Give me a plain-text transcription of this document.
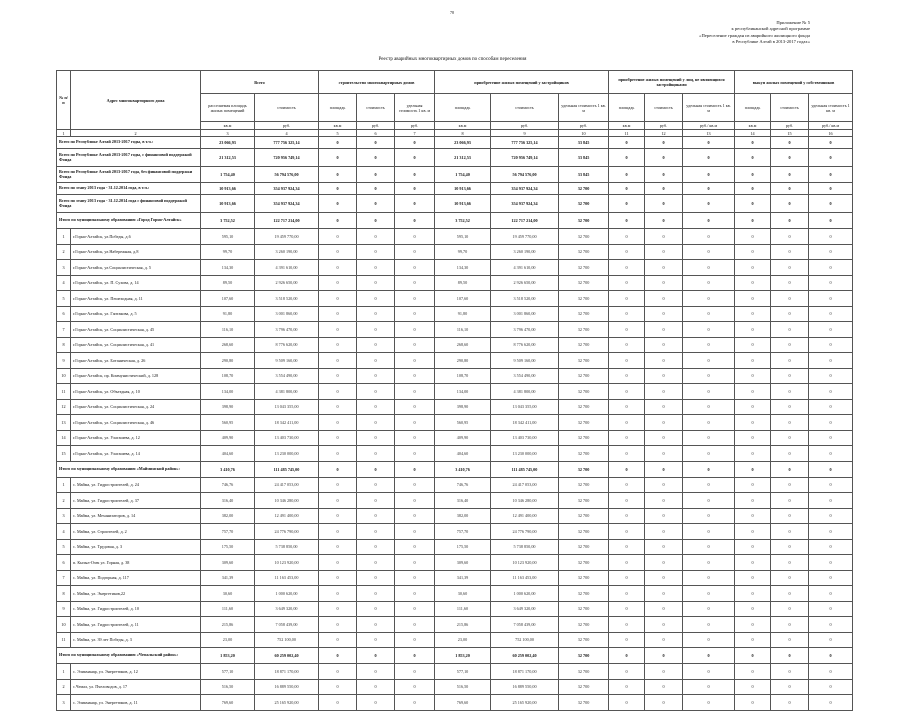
78
Приложение № 5
к республиканской адресной программе
«Переселение граждан из аварийного жилищного фонда
в Республике Алтай в 2013-2017 годах»
Реестр аварийных многоквартирных домов по способам переселения
№ п/п	Адрес многоквартирного дома	Всего		строительство многоквартирных домов			приобретение жилых помещений у застройщиков			приобретение жилых помещений у лиц, не являющихся застройщиками			выкуп жилых помещений у собственников		
		расселяемая площадь жилых помещений	стоимость	площадь	стоимость	удельная стоимость 1 кв. м	площадь	стоимость	удельная стоимость 1 кв. м	площадь	стоимость	удельная стоимость 1 кв. м	площадь	стоимость	удельная стоимость 1 кв. м
		кв.м	руб.	кв.м	руб.	руб.	кв.м	руб.	руб.	кв.м	руб.	руб./ кв.м	кв.м	руб.	руб./ кв.м
1	2	3	4	5	6	7	8	9	10	11	12	13	14	15	16
Всего по Республике Алтай 2013-2017 годы, в т.ч.:		23 066,93	777 756 325,14	0	0	0	23 066,93	777 756 325,14	33 845	0	0	0	0	0	0
Всего по Республике Алтай 2013-2017 годы, с финансовой поддержкой Фонда		21 312,53	720 956 749,14	0	0	0	21 312,53	720 956 749,14	33 845	0	0	0	0	0	0
Всего по Республике Алтай 2013-2017 года, без финансовой поддержки Фонда		1 754,40	56 794 576,00	0	0	0	1 754,40	56 794 576,00	33 845	0	0	0	0	0	0
Всего по этапу 2013 года - 31.12.2014 года, в т.ч.:		10 913,66	354 937 924,34	0	0	0	10 913,66	354 937 924,34	32 700	0	0	0	0	0	0
Всего по этапу 2013 года - 31.12.2014 года с финансовой поддержкой Фонда		10 913,66	354 937 924,34	0	0	0	10 913,66	354 937 924,34	32 700	0	0	0	0	0	0
Итого по муниципальному образованию «Город Горно-Алтайск»		3 752,52	122 717 214,00	0	0	0	3 752,52	122 717 214,00	32 700	0	0	0	0	0	0
1	г.Горно-Алтайск, ул.Победы, д.6	595,10	19 459 770,00	0	0	0	595,10	19 459 770,00	32 700	0	0	0	0	0	0
2	г.Горно-Алтайск, ул.Набережная, д.8	99,70	3 260 190,00	0	0	0	99,70	3 260 190,00	32 700	0	0	0	0	0	0
3	г.Горно-Алтайск, ул.Социалистическая, д. 5	134,30	4 391 610,00	0	0	0	134,30	4 391 610,00	32 700	0	0	0	0	0	0
4	г.Горно-Алтайск, ул. П. Сухова, д. 14	89,50	2 926 650,00	0	0	0	89,50	2 926 650,00	32 700	0	0	0	0	0	0
5	г.Горно-Алтайск, ул. Пешеходная, д. 11	107,60	3 518 520,00	0	0	0	107,60	3 518 520,00	32 700	0	0	0	0	0	0
6	г.Горно-Алтайск, ул. Гаптакова, д. 5	91,80	3 001 860,00	0	0	0	91,80	3 001 860,00	32 700	0	0	0	0	0	0
7	г.Горно-Алтайск, ул. Социалистическая, д. 45	116,10	3 796 470,00	0	0	0	116,10	3 796 470,00	32 700	0	0	0	0	0	0
8	г.Горно-Алтайск, ул. Социалистическая, д. 41	268,60	8 776 620,00	0	0	0	268,60	8 776 620,00	32 700	0	0	0	0	0	0
9	г.Горно-Алтайск, ул. Ботаническая, д. 26	290,80	9 509 160,00	0	0	0	290,80	9 509 160,00	32 700	0	0	0	0	0	0
10	г.Горно-Алтайск, пр. Коммунистический, д. 128	108,70	3 554 490,00	0	0	0	108,70	3 554 490,00	32 700	0	0	0	0	0	0
11	г.Горно-Алтайск, ул. Объездная, д. 10	134,00	4 381 800,00	0	0	0	134,00	4 381 800,00	32 700	0	0	0	0	0	0
12	г.Горно-Алтайск, ул. Социалистическая, д. 24	398,90	13 043 355,00	0	0	0	398,90	13 043 355,00	32 700	0	0	0	0	0	0
13	г.Горно-Алтайск, ул. Социалистическая, д. 46	560,95	18 342 411,00	0	0	0	560,95	18 342 411,00	32 700	0	0	0	0	0	0
14	г.Горно-Алтайск, ул. Улагашева, д. 12	409,90	13 403 730,00	0	0	0	409,90	13 403 730,00	32 700	0	0	0	0	0	0
15	г.Горно-Алтайск, ул. Улагашева, д. 14	404,60	13 230 000,00	0	0	0	404,60	13 230 000,00	32 700	0	0	0	0	0	0
Итого по муниципальному образованию «Майминский район»:		3 410,76	111 485 745,00	0	0	0	3 410,76	111 485 745,00	32 700	0	0	0	0	0	0
1	с. Майма, ул. Гидростроителей, д. 24	746,76	24 417 053,00	0	0	0	746,76	24 417 053,00	32 700	0	0	0	0	0	0
2	с. Майма, ул. Гидростроителей, д. 37	316,40	10 346 280,00	0	0	0	316,40	10 346 280,00	32 700	0	0	0	0	0	0
3	с. Майма, ул. Механизаторов, д. 14	382,00	12 491 400,00	0	0	0	382,00	12 491 400,00	32 700	0	0	0	0	0	0
4	с. Майма, ул. Строителей, д. 2	757,70	24 776 790,00	0	0	0	757,70	24 776 790,00	32 700	0	0	0	0	0	0
5	с. Майма, ул. Трудовая, д. 3	175,50	5 738 850,00	0	0	0	175,50	5 738 850,00	32 700	0	0	0	0	0	0
6	п. Кызыл-Озек ул. Горная, д. 38	309,60	10 123 920,00	0	0	0	309,60	10 123 920,00	32 700	0	0	0	0	0	0
7	с. Майма, ул. Подгорная, д. 117	341,39	11 163 453,00	0	0	0	341,39	11 163 453,00	32 700	0	0	0	0	0	0
8	с. Майма, ул. Энергетиков,22	30,60	1 000 620,00	0	0	0	30,60	1 000 620,00	32 700	0	0	0	0	0	0
9	с. Майма, ул. Гидростроителей, д. 10	111,60	3 649 320,00	0	0	0	111,60	3 649 320,00	32 700	0	0	0	0	0	0
10	с. Майма, ул. Гидростроителей, д. 11	215,86	7 058 439,00	0	0	0	215,86	7 058 439,00	32 700	0	0	0	0	0	0
11	с. Майма, ул. 39 лет Победы, д. 3	23,00	752 100,00	0	0	0	23,00	752 100,00	32 700	0	0	0	0	0	0
Итого по муниципальному образованию «Чемальский район»:		1 853,20	60 259 002,40	0	0	0	1 853,20	60 259 002,40	32 700	0	0	0	0	0	0
1	с. Эликманар, ул. Энергетиков, д. 12	577,10	18 871 170,00	0	0	0	577,10	18 871 170,00	32 700	0	0	0	0	0	0
2	с.Чемал, ул. Пчеловодов, д. 17	516,50	16 889 550,00	0	0	0	516,50	16 889 550,00	32 700	0	0	0	0	0	0
3	с. Эликманар, ул. Энергетиков, д. 11	769,60	25 165 920,00	0	0	0	769,60	25 165 920,00	32 700	0	0	0	0	0	0
